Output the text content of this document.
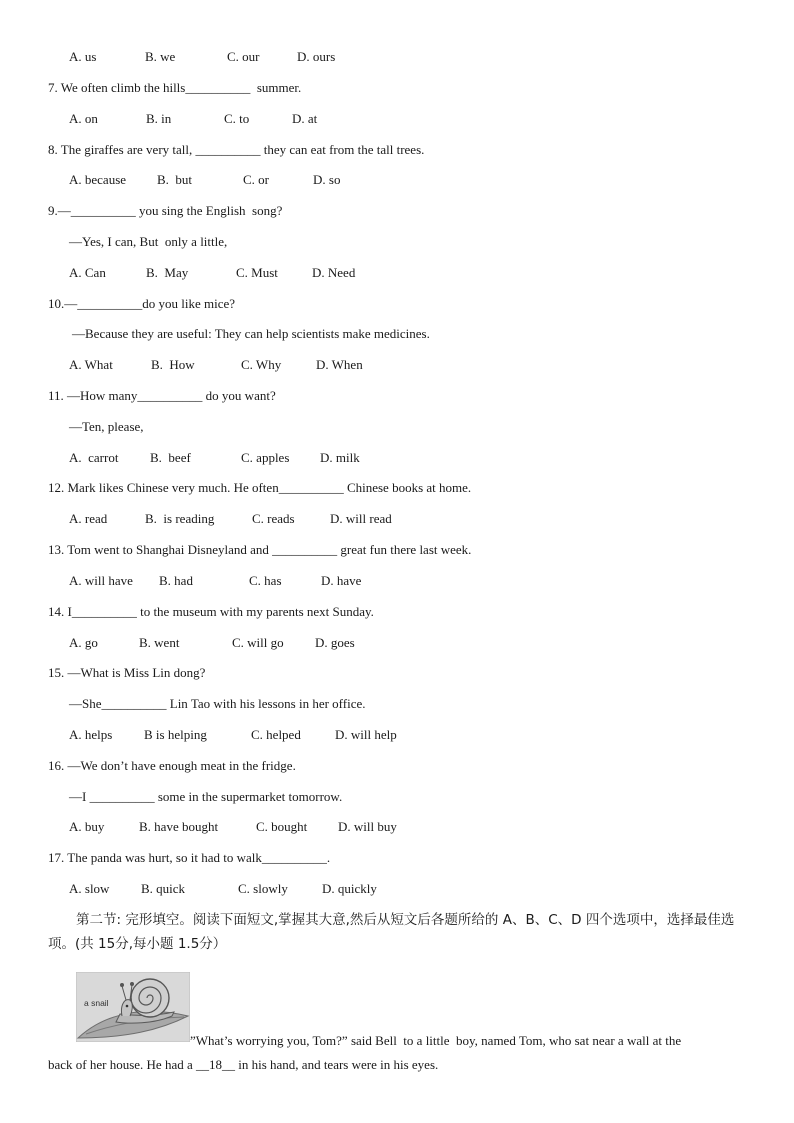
A. us	B. we	C. our	D. ours
7. We often climb the hills__________  summer.
A. on	B. in	C. to	D. at
8. The giraffes are very tall, __________ they can eat from the tall trees.
A. because B.  but	C. or	D. so
9.—__________ you sing the English  song?
—Yes, I can, But  only a little,
A. Can	B.  May	C. Must	D. Need
10.—__________do you like mice?
—Because they are useful: They can help scientists make medicines.
A. What	B.  How	C. Why	D. When
11. —How many__________ do you want?
—Ten, please,
A.  carrot B.  beef	C. apples D. milk
12. Mark likes Chinese very much. He often__________ Chinese books at home.
A. read	B.  is reading	C. reads	D. will read
13. Tom went to Shanghai Disneyland and __________ great fun there last week.
A. will have B. had	C. has	D. have
14. I__________ to the museum with my parents next Sunday.
A. go	B. went	C. will go D. goes
15. —What is Miss Lin dong?
—She__________ Lin Tao with his lessons in her office.
A. helps B is helping	C. helped	D. will help
16. —We don’t have enough meat in the fridge.
—I __________ some in the supermarket tomorrow.
A. buy	B. have bought	C. bought D. will buy
17. The panda was hurt, so it had to walk__________.
A. slow B. quick	C. slowly	D. quickly
第二节: 完形填空。阅读下面短文,掌握其大意,然后从短文后各题所给的 A、B、C、D 四个选项中，选择最佳选项。(共 15分,每小题 1.5分）
a snail
”What’s worrying you, Tom?” said Bell  to a little  boy, named Tom, who sat near a wall at the
back of her house. He had a __18__ in his hand, and tears were in his eyes.
